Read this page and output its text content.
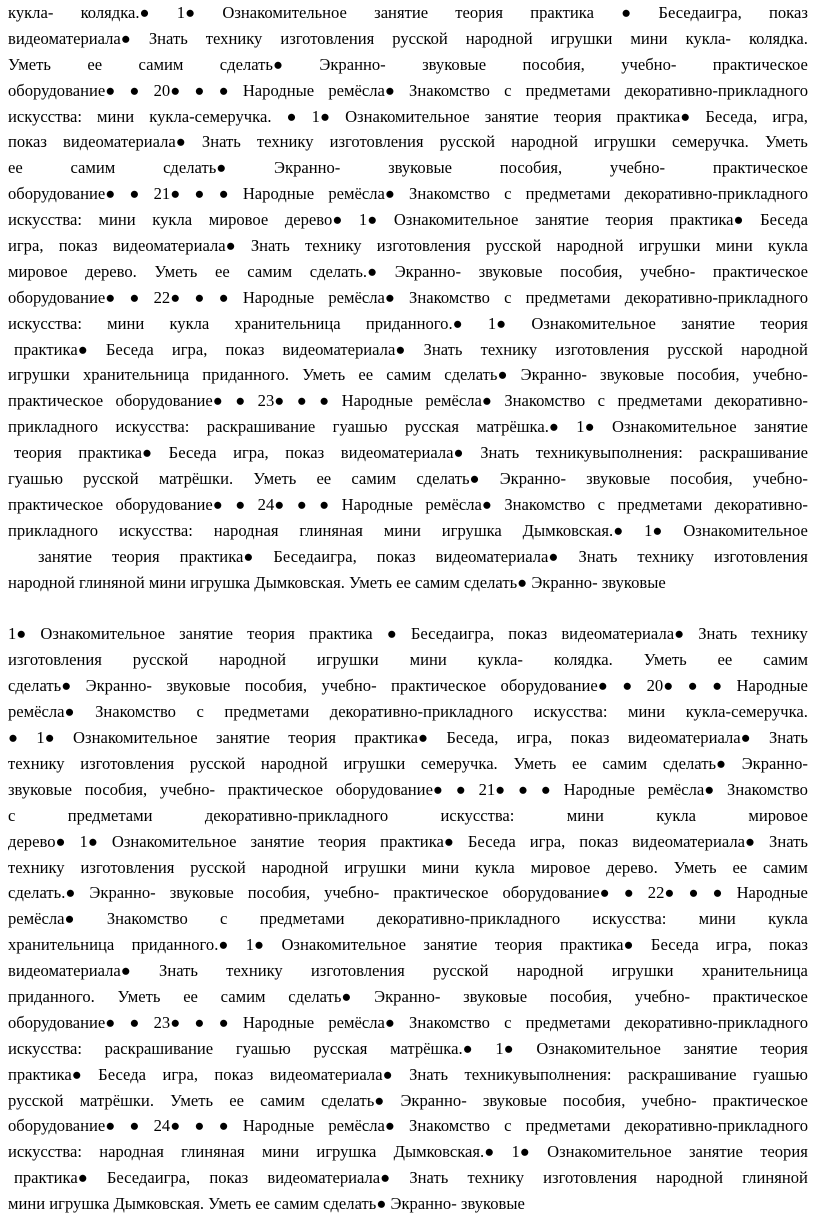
кукла- колядка.● 1● Ознакомительное занятие теория практика ● Беседаигра, показ
видеоматериала● Знать технику изготовления русской народной игрушки мини кукла- колядка.
Уметь ее самим сделать● Экранно- звуковые пособия, учебно- практическое
оборудование● ● 20● ● ● Народные ремёсла● Знакомство с предметами декоративно-прикладного
искусства: мини кукла-семеручка. ● 1● Ознакомительное занятие теория практика● Беседа, игра,
показ видеоматериала● Знать технику изготовления русской народной игрушки семеручка. Уметь
ее	самим	сделать●	Экранно-	звуковые	пособия,	учебно-	практическое
оборудование● ● 21● ● ● Народные ремёсла● Знакомство с предметами декоративно-прикладного
искусства: мини кукла мировое дерево● 1● Ознакомительное занятие теория практика● Беседа
игра, показ видеоматериала● Знать технику изготовления русской народной игрушки мини кукла
мировое дерево. Уметь ее самим сделать.● Экранно- звуковые пособия, учебно- практическое
оборудование● ● 22● ● ● Народные ремёсла● Знакомство с предметами декоративно-прикладного
искусства: мини кукла хранительница приданного.● 1● Ознакомительное занятие теория
практика● Беседа игра, показ видеоматериала● Знать технику изготовления русской народной
игрушки хранительница приданного. Уметь ее самим сделать● Экранно- звуковые пособия, учебно-
практическое оборудование● ● 23● ● ● Народные ремёсла● Знакомство с предметами декоративно-
прикладного искусства: раскрашивание гуашью русская матрёшка.● 1● Ознакомительное занятие
теория практика● Беседа игра, показ видеоматериала● Знать техникувыполнения: раскрашивание
гуашью русской матрёшки. Уметь ее самим сделать● Экранно- звуковые пособия, учебно-
практическое оборудование● ● 24● ● ● Народные ремёсла● Знакомство с предметами декоративно-
прикладного искусства: народная глиняная мини игрушка Дымковская.● 1● Ознакомительное
занятие теория практика● Беседаигра, показ видеоматериала● Знать технику изготовления
народной глиняной мини игрушка Дымковская. Уметь ее самим сделать● Экранно- звуковые
1● Ознакомительное занятие теория практика ● Беседаигра, показ видеоматериала● Знать технику
изготовления русской народной игрушки мини кукла- колядка. Уметь ее самим
сделать● Экранно- звуковые пособия, учебно- практическое оборудование● ● 20● ● ● Народные
ремёсла● Знакомство с предметами декоративно-прикладного искусства: мини кукла-семеручка.
● 1● Ознакомительное занятие теория практика● Беседа, игра, показ видеоматериала● Знать
технику изготовления русской народной игрушки семеручка. Уметь ее самим сделать● Экранно-
звуковые пособия, учебно- практическое оборудование● ● 21● ● ● Народные ремёсла● Знакомство
с	предметами	декоративно-прикладного	искусства:	мини	кукла	мировое
дерево● 1● Ознакомительное занятие теория практика● Беседа игра, показ видеоматериала● Знать
технику изготовления русской народной игрушки мини кукла мировое дерево. Уметь ее самим
сделать.● Экранно- звуковые пособия, учебно- практическое оборудование● ● 22● ● ● Народные
ремёсла● Знакомство с предметами декоративно-прикладного искусства: мини кукла
хранительница приданного.● 1● Ознакомительное занятие теория практика● Беседа игра, показ
видеоматериала● Знать технику изготовления русской народной игрушки хранительница
приданного. Уметь ее самим сделать● Экранно- звуковые пособия, учебно- практическое
оборудование● ● 23● ● ● Народные ремёсла● Знакомство с предметами декоративно-прикладного
искусства: раскрашивание гуашью русская матрёшка.● 1● Ознакомительное занятие теория
практика● Беседа игра, показ видеоматериала● Знать техникувыполнения: раскрашивание гуашью
русской матрёшки. Уметь ее самим сделать● Экранно- звуковые пособия, учебно- практическое
оборудование● ● 24● ● ● Народные ремёсла● Знакомство с предметами декоративно-прикладного
искусства: народная глиняная мини игрушка Дымковская.● 1● Ознакомительное занятие теория
практика● Беседаигра, показ видеоматериала● Знать технику изготовления народной глиняной
мини игрушка Дымковская. Уметь ее самим сделать● Экранно- звуковые
